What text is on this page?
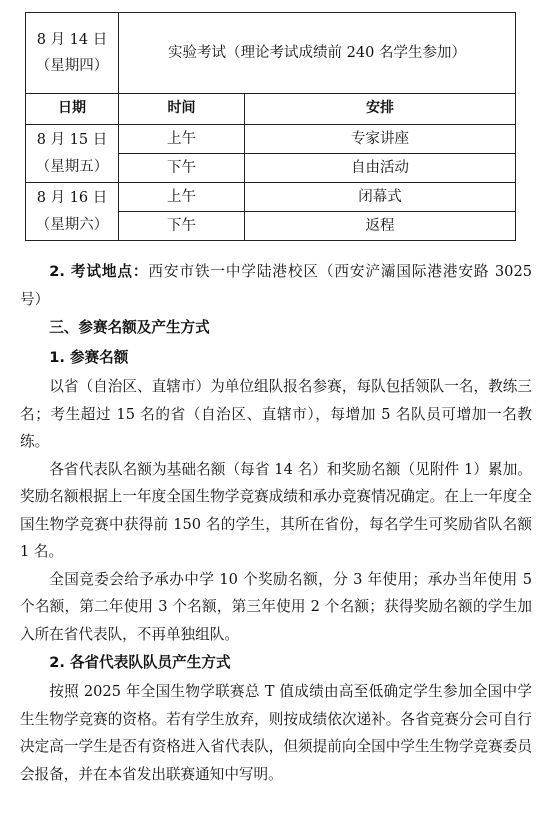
8 月 14 日
（星期四）	实验考试（理论考试成绩前 240 名学生参加）	
日期	时间	安排

8 月 15 日
（星期五）	上午	专家讲座
	下午	自由活动

8 月 16 日
（星期六）	上午	闭幕式
	下午	返程

2. 考试地点：西安市铁一中学陆港校区（西安浐灞国际港港安路 3025 号）

三、参赛名额及产生方式

1. 参赛名额

以省（自治区、直辖市）为单位组队报名参赛，每队包括领队一名，教练三名；考生超过 15 名的省（自治区、直辖市），每增加 5 名队员可增加一名教练。

各省代表队名额为基础名额（每省 14 名）和奖励名额（见附件 1）累加。奖励名额根据上一年度全国生物学竞赛成绩和承办竞赛情况确定。在上一年度全国生物学竞赛中获得前 150 名的学生，其所在省份，每名学生可奖励省队名额 1 名。

全国竞委会给予承办中学 10 个奖励名额，分 3 年使用；承办当年使用 5 个名额，第二年使用 3 个名额，第三年使用 2 个名额；获得奖励名额的学生加入所在省代表队，不再单独组队。

2. 各省代表队队员产生方式

按照 2025 年全国生物学联赛总 T 值成绩由高至低确定学生参加全国中学生生物学竞赛的资格。若有学生放弃，则按成绩依次递补。各省竞赛分会可自行决定高一学生是否有资格进入省代表队，但须提前向全国中学生生物学竞赛委员会报备，并在本省发出联赛通知中写明。
